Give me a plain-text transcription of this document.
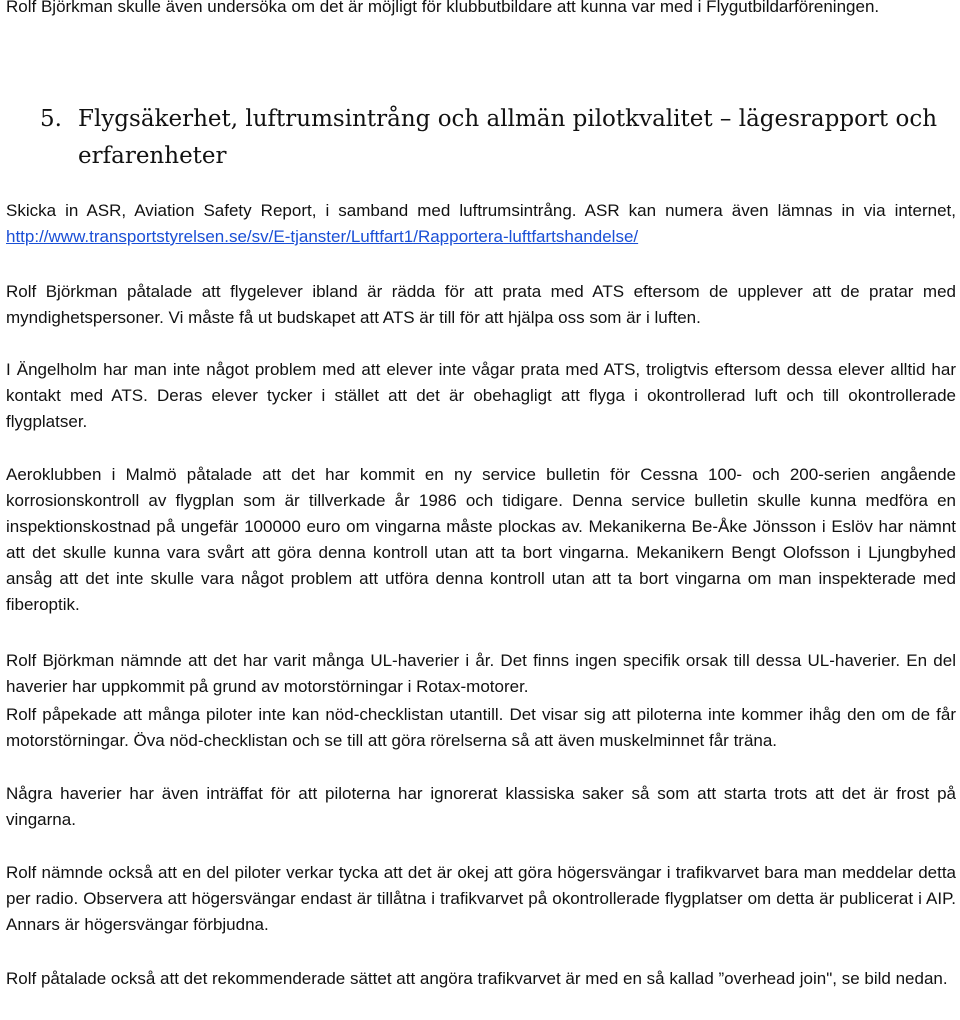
Rolf Björkman skulle även undersöka om det är möjligt för klubbutbildare att kunna var med i Flygutbildarföreningen.

5. Flygsäkerhet, luftrumsintrång och allmän pilotkvalitet – lägesrapport och erfarenheter

Skicka in ASR, Aviation Safety Report, i samband med luftrumsintrång. ASR kan numera även lämnas in via internet, http://www.transportstyrelsen.se/sv/E-tjanster/Luftfart1/Rapportera-luftfartshandelse/

Rolf Björkman påtalade att flygelever ibland är rädda för att prata med ATS eftersom de upplever att de pratar med myndighetspersoner. Vi måste få ut budskapet att ATS är till för att hjälpa oss som är i luften.

I Ängelholm har man inte något problem med att elever inte vågar prata med ATS, troligtvis eftersom dessa elever alltid har kontakt med ATS. Deras elever tycker i stället att det är obehagligt att flyga i okontrollerad luft och till okontrollerade flygplatser.

Aeroklubben i Malmö påtalade att det har kommit en ny service bulletin för Cessna 100- och 200-serien angående korrosionskontroll av flygplan som är tillverkade år 1986 och tidigare. Denna service bulletin skulle kunna medföra en inspektionskostnad på ungefär 100000 euro om vingarna måste plockas av. Mekanikerna Be-Åke Jönsson i Eslöv har nämnt att det skulle kunna vara svårt att göra denna kontroll utan att ta bort vingarna. Mekanikern Bengt Olofsson i Ljungbyhed ansåg att det inte skulle vara något problem att utföra denna kontroll utan att ta bort vingarna om man inspekterade med fiberoptik.

Rolf Björkman nämnde att det har varit många UL-haverier i år. Det finns ingen specifik orsak till dessa UL-haverier. En del haverier har uppkommit på grund av motorstörningar i Rotax-motorer.

Rolf påpekade att många piloter inte kan nöd-checklistan utantill. Det visar sig att piloterna inte kommer ihåg den om de får motorstörningar. Öva nöd-checklistan och se till att göra rörelserna så att även muskelminnet får träna.

Några haverier har även inträffat för att piloterna har ignorerat klassiska saker så som att starta trots att det är frost på vingarna.

Rolf nämnde också att en del piloter verkar tycka att det är okej att göra högersvängar i trafikvarvet bara man meddelar detta per radio. Observera att högersvängar endast är tillåtna i trafikvarvet på okontrollerade flygplatser om detta är publicerat i AIP. Annars är högersvängar förbjudna.

Rolf påtalade också att det rekommenderade sättet att angöra trafikvarvet är med en så kallad ”overhead join", se bild nedan.
